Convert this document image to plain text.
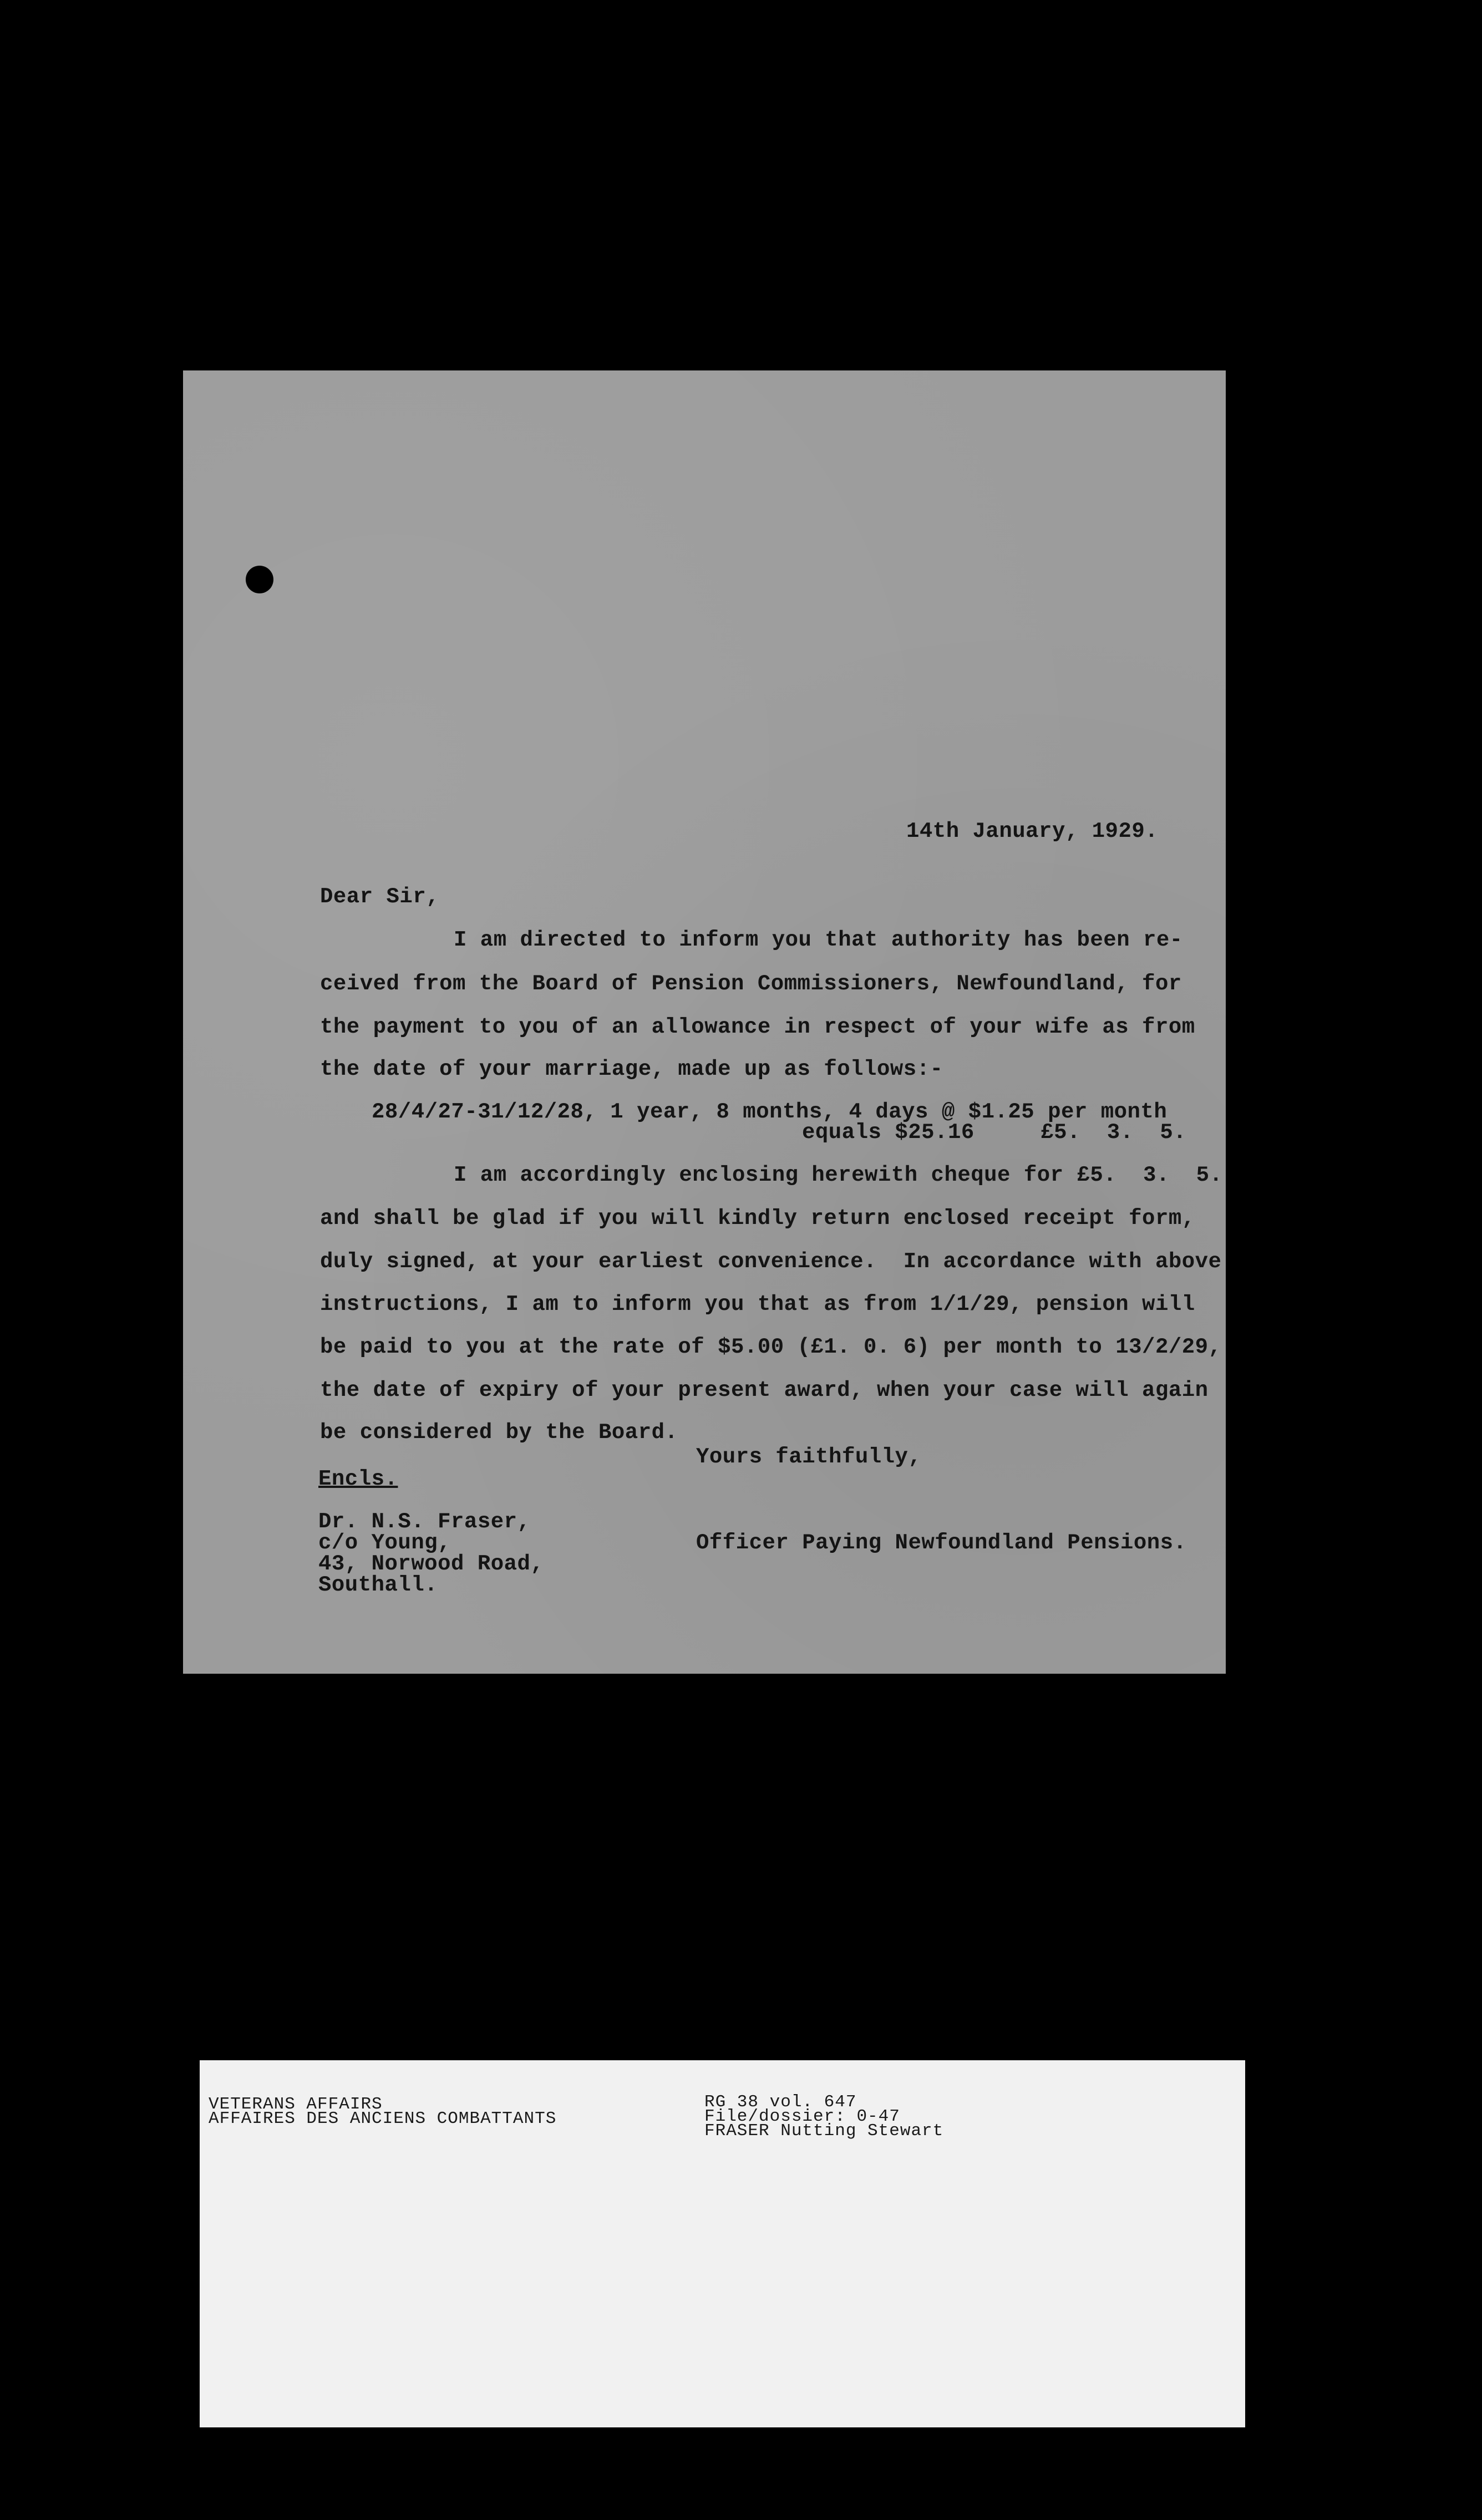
14th January, 1929.
Dear Sir,
I am directed to inform you that authority has been re-
ceived from the Board of Pension Commissioners, Newfoundland, for
the payment to you of an allowance in respect of your wife as from
the date of your marriage, made up as follows:-
28/4/27-31/12/28, 1 year, 8 months, 4 days @ $1.25 per month
equals $25.16     £5.  3.  5.
I am accordingly enclosing herewith cheque for £5.  3.  5.
and shall be glad if you will kindly return enclosed receipt form,
duly signed, at your earliest convenience.  In accordance with above
instructions, I am to inform you that as from 1/1/29, pension will
be paid to you at the rate of $5.00 (£1. 0. 6) per month to 13/2/29,
the date of expiry of your present award, when your case will again
be considered by the Board.
Yours faithfully,
Encls.
Dr. N.S. Fraser,
c/o Young,
43, Norwood Road,
Southall.
Officer Paying Newfoundland Pensions.
VETERANS AFFAIRS
AFFAIRES DES ANCIENS COMBATTANTS
RG 38 vol. 647
File/dossier: 0-47
FRASER Nutting Stewart
